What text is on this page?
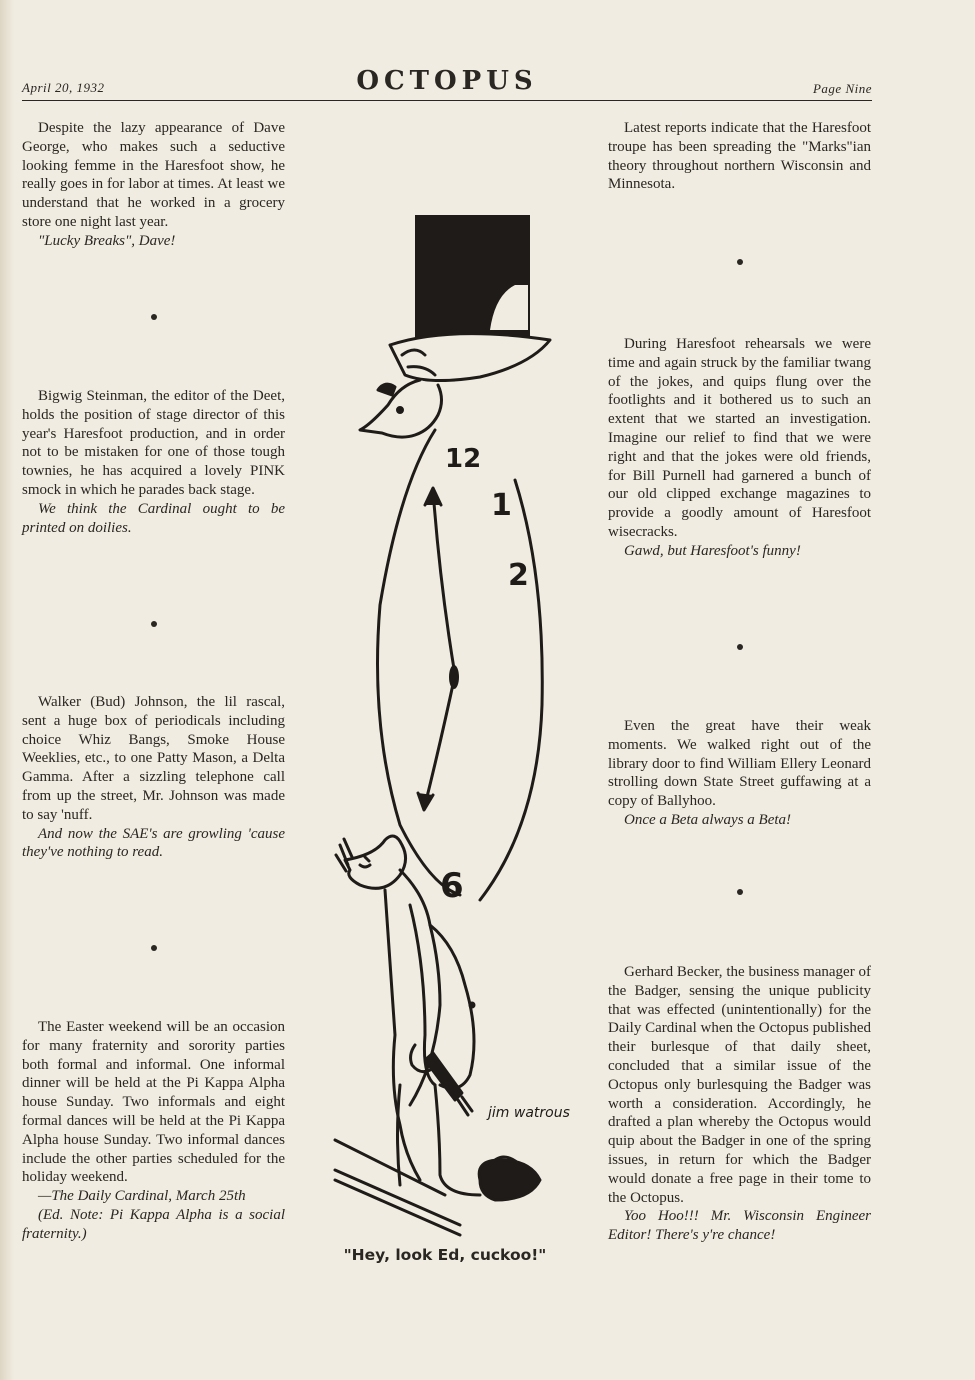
April 20, 1932	OCTOPUS	Page Nine

Despite the lazy appearance of Dave George, who makes such a seductive looking femme in the Haresfoot show, he really goes in for labor at times. At least we understand that he worked in a grocery store one night last year.

"Lucky Breaks", Dave!

Bigwig Steinman, the editor of the Deet, holds the position of stage director of this year's Haresfoot production, and in order not to be mistaken for one of those tough townies, he has acquired a lovely PINK smock in which he parades back stage.

We think the Cardinal ought to be printed on doilies.

Walker (Bud) Johnson, the lil rascal, sent a huge box of periodicals including choice Whiz Bangs, Smoke House Weeklies, etc., to one Patty Mason, a Delta Gamma. After a sizzling telephone call from up the street, Mr. Johnson was made to say 'nuff.

And now the SAE's are growling 'cause they've nothing to read.

The Easter weekend will be an occasion for many fraternity and sorority parties both formal and informal. One informal dinner will be held at the Pi Kappa Alpha house Sunday. Two informals and eight formal dances will be held at the Pi Kappa Alpha house Sunday. Two informal dances include the other parties scheduled for the holiday weekend.

—The Daily Cardinal, March 25th

(Ed. Note: Pi Kappa Alpha is a social fraternity.)

Latest reports indicate that the Haresfoot troupe has been spreading the "Marks"ian theory throughout northern Wisconsin and Minnesota.

During Haresfoot rehearsals we were time and again struck by the familiar twang of the jokes, and quips flung over the footlights and it bothered us to such an extent that we started an investigation. Imagine our relief to find that we were right and that the jokes were old friends, for Bill Purnell had garnered a bunch of our old clipped exchange magazines to provide a goodly amount of Haresfoot wisecracks.

Gawd, but Haresfoot's funny!

Even the great have their weak moments. We walked right out of the library door to find William Ellery Leonard strolling down State Street guffawing at a copy of Ballyhoo.

Once a Beta always a Beta!

Gerhard Becker, the business manager of the Badger, sensing the unique publicity that was effected (unintentionally) for the Daily Cardinal when the Octopus published their burlesque of that daily sheet, concluded that a similar issue of the Octopus only burlesquing the Badger was worth a consideration. Accordingly, he drafted a plan whereby the Octopus would quip about the Badger in one of the spring issues, in return for which the Badger would donate a free page in their tome to the Octopus.

Yoo Hoo!!! Mr. Wisconsin Engineer Editor! There's y're chance!

12
1
2
6
jim watrous
"Hey, look Ed, cuckoo!"
